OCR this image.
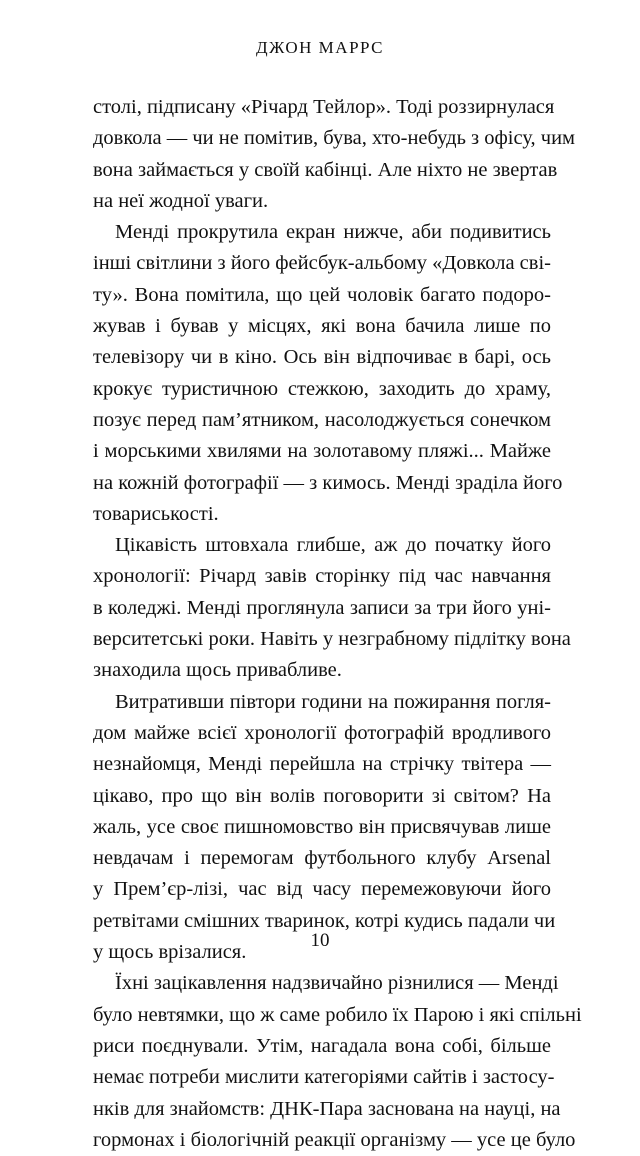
ДЖОН МАРРС
столі, підписану «Річард Тейлор». Тоді роззирнулася
довкола — чи не помітив, бува, хто-небудь з офісу, чим
вона займається у своїй кабінці. Але ніхто не звертав
на неї жодної уваги.
Менді прокрутила екран нижче, аби подивитись
інші світлини з його фейсбук-альбому «Довкола сві-
ту». Вона помітила, що цей чоловік багато подоро-
жував і бував у місцях, які вона бачила лише по
телевізору чи в кіно. Ось він відпочиває в барі, ось
крокує туристичною стежкою, заходить до храму,
позує перед пам’ятником, насолоджується сонечком
і морськими хвилями на золотавому пляжі... Майже
на кожній фотографії — з кимось. Менді зраділа його
товариськості.
Цікавість штовхала глибше, аж до початку його
хронології: Річард завів сторінку під час навчання
в коледжі. Менді проглянула записи за три його уні-
верситетські роки. Навіть у незграбному підлітку вона
знаходила щось привабливе.
Витративши півтори години на пожирання погля-
дом майже всієї хронології фотографій вродливого
незнайомця, Менді перейшла на стрічку твітера —
цікаво, про що він волів поговорити зі світом? На
жаль, усе своє пишномовство він присвячував лише
невдачам і перемогам футбольного клубу Arsenal
у Прем’єр-лізі, час від часу перемежовуючи його
ретвітами смішних тваринок, котрі кудись падали чи
у щось врізалися.
Їхні зацікавлення надзвичайно різнилися — Менді
було невтямки, що ж саме робило їх Парою і які спільні
риси поєднували. Утім, нагадала вона собі, більше
немає потреби мислити категоріями сайтів і застосу-
нків для знайомств: ДНК-Пара заснована на науці, на
гормонах і біологічній реакції організму — усе це було
10
